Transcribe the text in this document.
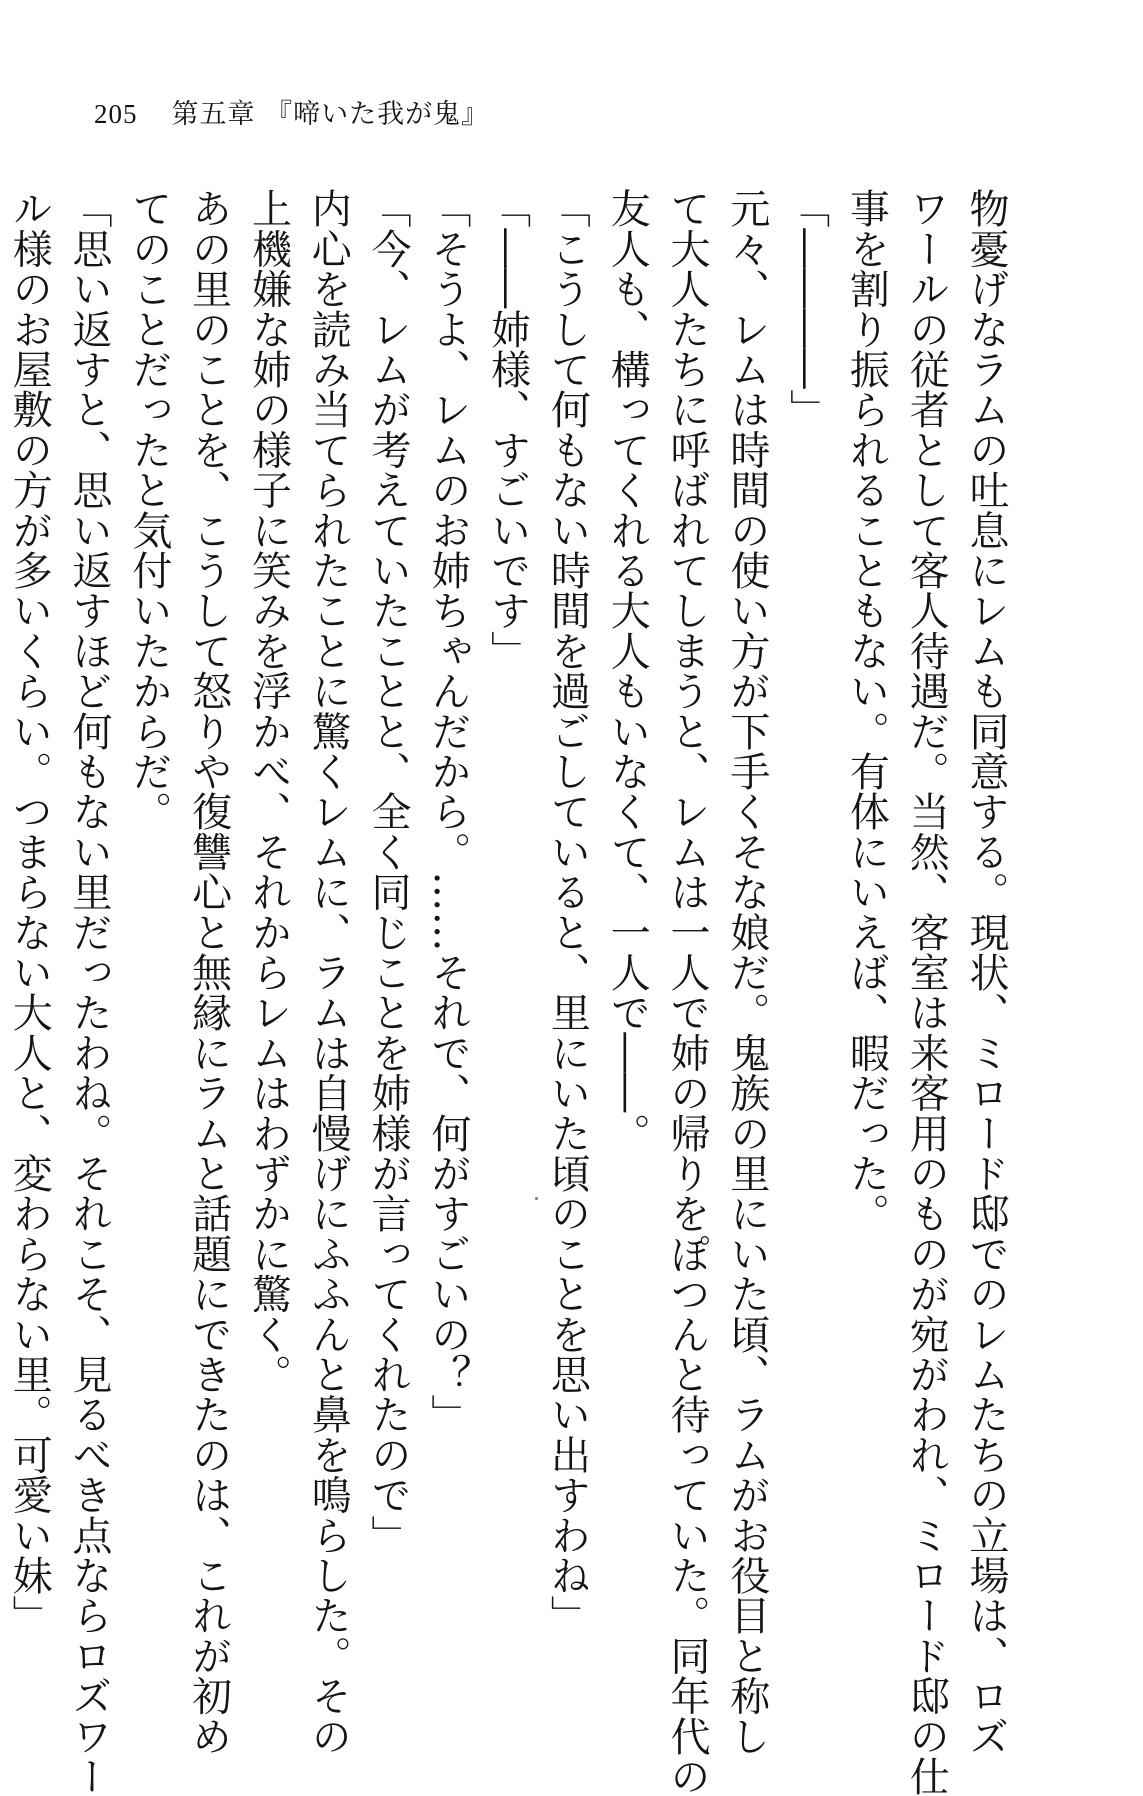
205 第五章 『啼いた我が鬼』
物憂げなラムの吐息にレムも同意する。現状、ミロード邸でのレムたちの立場は、ロズ
ワールの従者として客人待遇だ。当然、客室は来客用のものが宛がわれ、ミロード邸の仕
事を割り振られることもない。有体にいえば、暇だった。
「――――」
元々、レムは時間の使い方が下手くそな娘だ。鬼族の里にいた頃、ラムがお役目と称し
て大人たちに呼ばれてしまうと、レムは一人で姉の帰りをぽつんと待っていた。同年代の
友人も、構ってくれる大人もいなくて、一人で――。
「こうして何もない時間を過ごしていると、里にいた頃のことを思い出すわね」
「――姉様、すごいです」
「そうよ、レムのお姉ちゃんだから。……それで、何がすごいの？」
「今、レムが考えていたことと、全く同じことを姉様が言ってくれたので」
内心を読み当てられたことに驚くレムに、ラムは自慢げにふふんと鼻を鳴らした。その
上機嫌な姉の様子に笑みを浮かべ、それからレムはわずかに驚く。
あの里のことを、こうして怒りや復讐心と無縁にラムと話題にできたのは、これが初め
てのことだったと気付いたからだ。
「思い返すと、思い返すほど何もない里だったわね。それこそ、見るべき点ならロズワー
ル様のお屋敷の方が多いくらい。つまらない大人と、変わらない里。可愛い妹」
